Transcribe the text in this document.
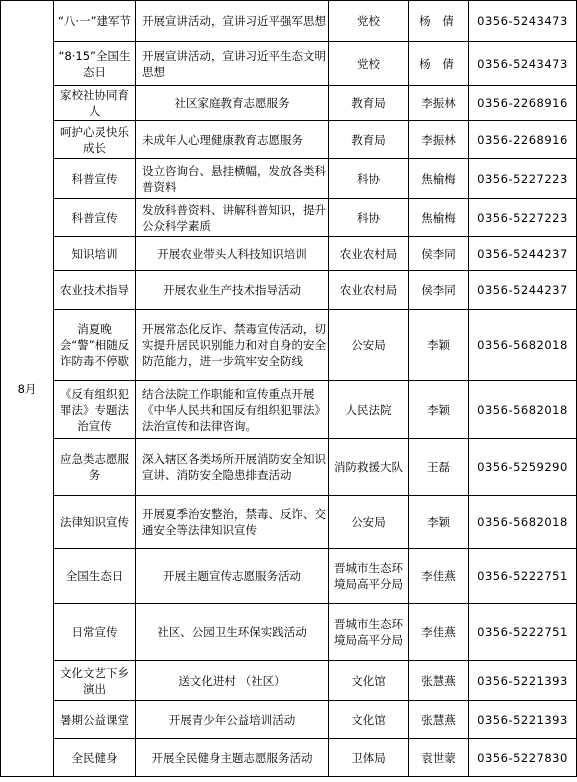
8月	“八·一”建军节	开展宣讲活动，宣讲习近平强军思想	党校	杨 倩	0356-5243473
	“8·15”全国生态日	开展宣讲活动，宣讲习近平生态文明思想	党校	杨 倩	0356-5243473
	家校社协同育人	社区家庭教育志愿服务	教育局	李振林	0356-2268916
	呵护心灵快乐成长	未成年人心理健康教育志愿服务	教育局	李振林	0356-2268916
	科普宣传	设立咨询台、悬挂横幅，发放各类科普资料	科协	焦榆梅	0356-5227223
	科普宣传	发放科普资料、讲解科普知识，提升公众科学素质	科协	焦榆梅	0356-5227223
	知识培训	开展农业带头人科技知识培训	农业农村局	侯李同	0356-5244237
	农业技术指导	开展农业生产技术指导活动	农业农村局	侯李同	0356-5244237
	消夏晚会“警”相随反诈防毒不停歇	开展常态化反诈、禁毒宣传活动，切实提升居民识别能力和对自身的安全防范能力，进一步筑牢安全防线	公安局	李颖	0356-5682018
	《反有组织犯罪法》专题法治宣传	结合法院工作职能和宣传重点开展《中华人民共和国反有组织犯罪法》法治宣传和法律咨询。	人民法院	李颖	0356-5682018
	应急类志愿服务	深入辖区各类场所开展消防安全知识宣讲、消防安全隐患排查活动	消防救援大队	王磊	0356-5259290
	法律知识宣传	开展夏季治安整治，禁毒、反诈、交通安全等法律知识宣传	公安局	李颖	0356-5682018
	全国生态日	开展主题宣传志愿服务活动	晋城市生态环境局高平分局	李佳燕	0356-5222751
	日常宣传	社区、公园卫生环保实践活动	晋城市生态环境局高平分局	李佳燕	0356-5222751
	文化文艺下乡演出	送文化进村 （社区）	文化馆	张慧燕	0356-5221393
	暑期公益课堂	开展青少年公益培训活动	文化馆	张慧燕	0356-5221393
	全民健身	开展全民健身主题志愿服务活动	卫体局	袁世蒙	0356-5227830
